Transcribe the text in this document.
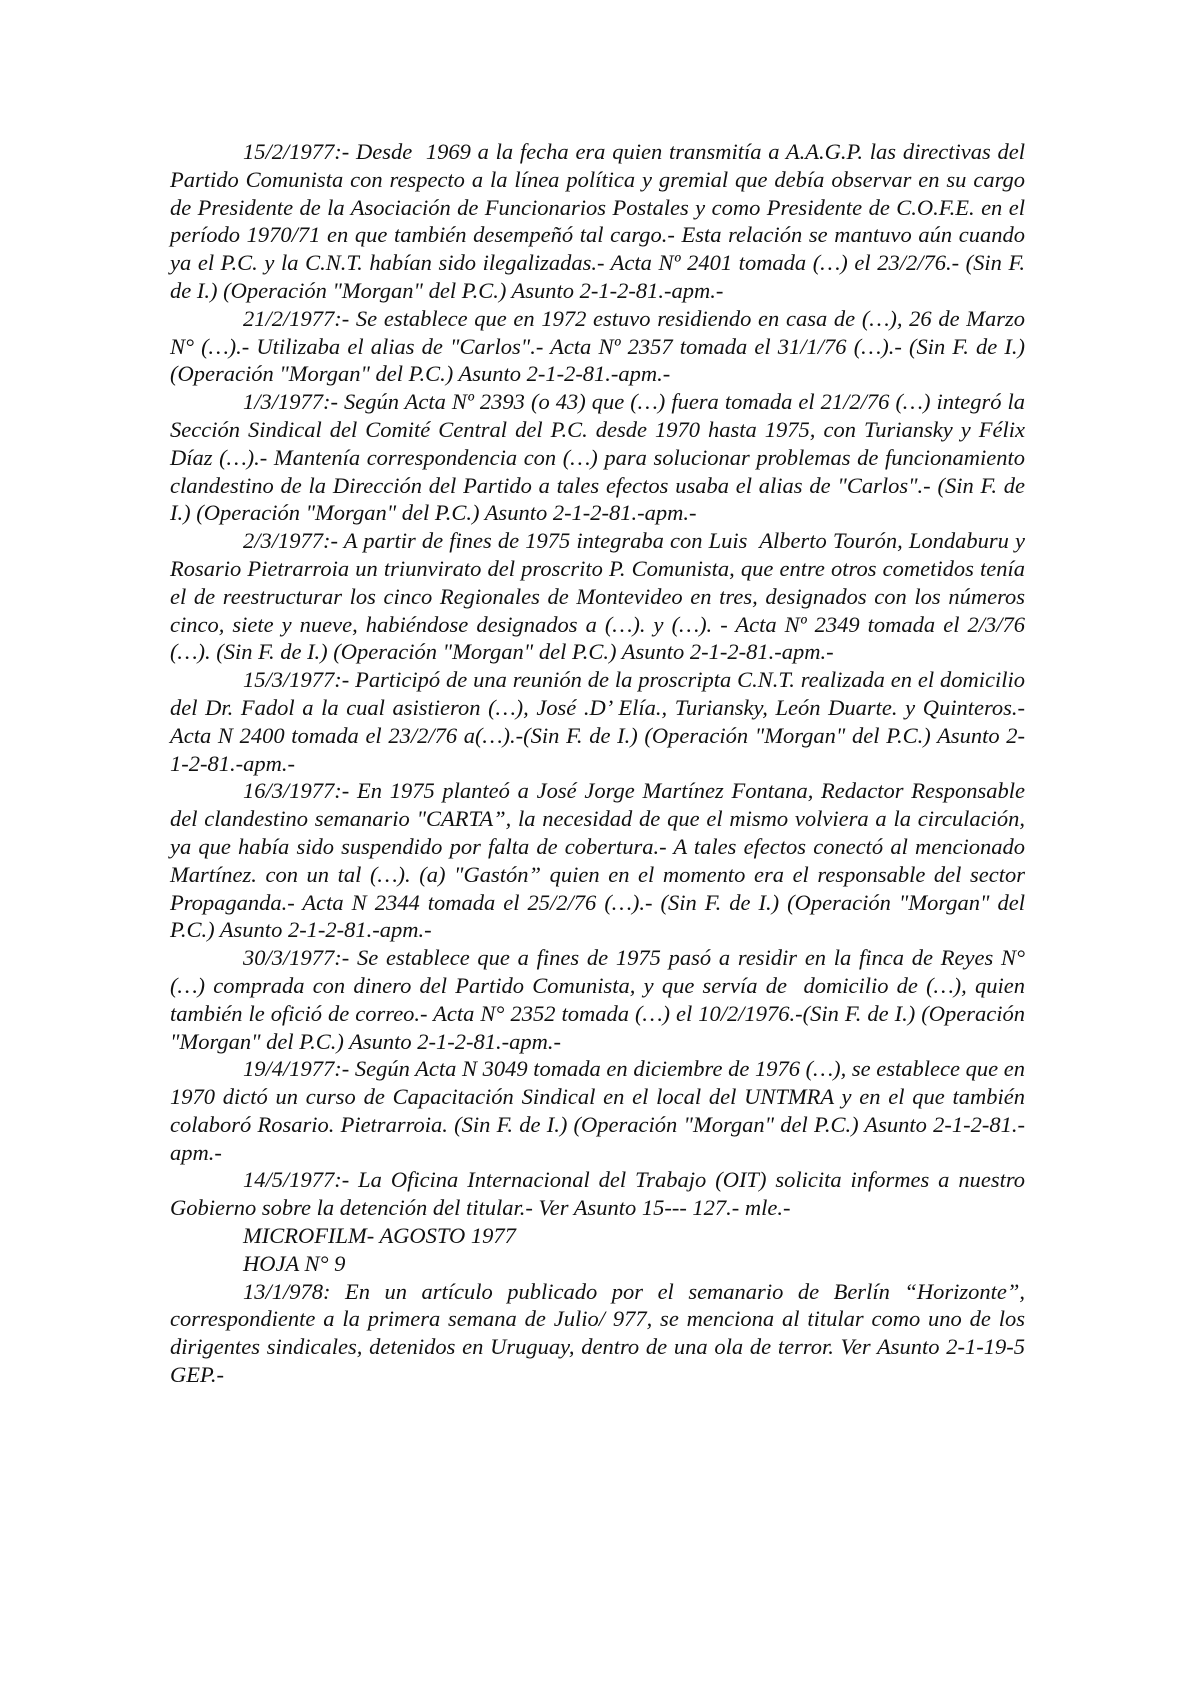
15/2/1977:- Desde  1969 a la fecha era quien transmitía a A.A.G.P. las directivas del Partido Comunista con respecto a la línea política y gremial que debía observar en su cargo de Presidente de la Asociación de Funcionarios Postales y como Presidente de C.O.F.E. en el período 1970/71 en que también desempeñó tal cargo.- Esta relación se mantuvo aún cuando ya el P.C. y la C.N.T. habían sido ilegalizadas.- Acta Nº 2401 tomada (…) el 23/2/76.- (Sin F. de I.) (Operación "Morgan" del P.C.) Asunto 2-1-2-81.-apm.-

21/2/1977:- Se establece que en 1972 estuvo residiendo en casa de (…), 26 de Marzo N° (…).- Utilizaba el alias de "Carlos".- Acta Nº 2357 tomada el 31/1/76 (…).- (Sin F. de I.) (Operación "Morgan" del P.C.) Asunto 2-1-2-81.-apm.-

1/3/1977:- Según Acta Nº 2393 (o 43) que (…) fuera tomada el 21/2/76 (…) integró la Sección Sindical del Comité Central del P.C. desde 1970 hasta 1975, con Turiansky y Félix Díaz (…).- Mantenía correspondencia con (…) para solucionar problemas de funcionamiento clandestino de la Dirección del Partido a tales efectos usaba el alias de "Carlos".- (Sin F. de I.) (Operación "Morgan" del P.C.) Asunto 2-1-2-81.-apm.-

2/3/1977:- A partir de fines de 1975 integraba con Luis  Alberto Tourón, Londaburu y Rosario Pietrarroia un triunvirato del proscrito P. Comunista, que entre otros cometidos tenía el de reestructurar los cinco Regionales de Montevideo en tres, designados con los números cinco, siete y nueve, habiéndose designados a (…). y (…). - Acta Nº 2349 tomada el 2/3/76 (…). (Sin F. de I.) (Operación "Morgan" del P.C.) Asunto 2-1-2-81.-apm.-

15/3/1977:- Participó de una reunión de la proscripta C.N.T. realizada en el domicilio del Dr. Fadol a la cual asistieron (…), José .D’ Elía., Turiansky, León Duarte. y Quinteros.- Acta N 2400 tomada el 23/2/76 a(…).-(Sin F. de I.) (Operación "Morgan" del P.C.) Asunto 2-1-2-81.-apm.-

16/3/1977:- En 1975 planteó a José Jorge Martínez Fontana, Redactor Responsable del clandestino semanario "CARTA”, la necesidad de que el mismo volviera a la circulación, ya que había sido suspendido por falta de cobertura.- A tales efectos conectó al mencionado Martínez. con un tal (…). (a) "Gastón” quien en el momento era el responsable del sector Propaganda.- Acta N 2344 tomada el 25/2/76 (…).- (Sin F. de I.) (Operación "Morgan" del P.C.) Asunto 2-1-2-81.-apm.-

30/3/1977:- Se establece que a fines de 1975 pasó a residir en la finca de Reyes N° (…) comprada con dinero del Partido Comunista, y que servía de  domicilio de (…), quien también le ofició de correo.- Acta N° 2352 tomada (…) el 10/2/1976.-(Sin F. de I.) (Operación "Morgan" del P.C.) Asunto 2-1-2-81.-apm.-

19/4/1977:- Según Acta N 3049 tomada en diciembre de 1976 (…), se establece que en 1970 dictó un curso de Capacitación Sindical en el local del UNTMRA y en el que también colaboró Rosario. Pietrarroia. (Sin F. de I.) (Operación "Morgan" del P.C.) Asunto 2-1-2-81.-apm.-

14/5/1977:- La Oficina Internacional del Trabajo (OIT) solicita informes a nuestro Gobierno sobre la detención del titular.- Ver Asunto 15--- 127.- mle.-

MICROFILM- AGOSTO 1977

HOJA N° 9

13/1/978: En un artículo publicado por el semanario de Berlín “Horizonte”, correspondiente a la primera semana de Julio/ 977, se menciona al titular como uno de los dirigentes sindicales, detenidos en Uruguay, dentro de una ola de terror. Ver Asunto 2-1-19-5  GEP.-
